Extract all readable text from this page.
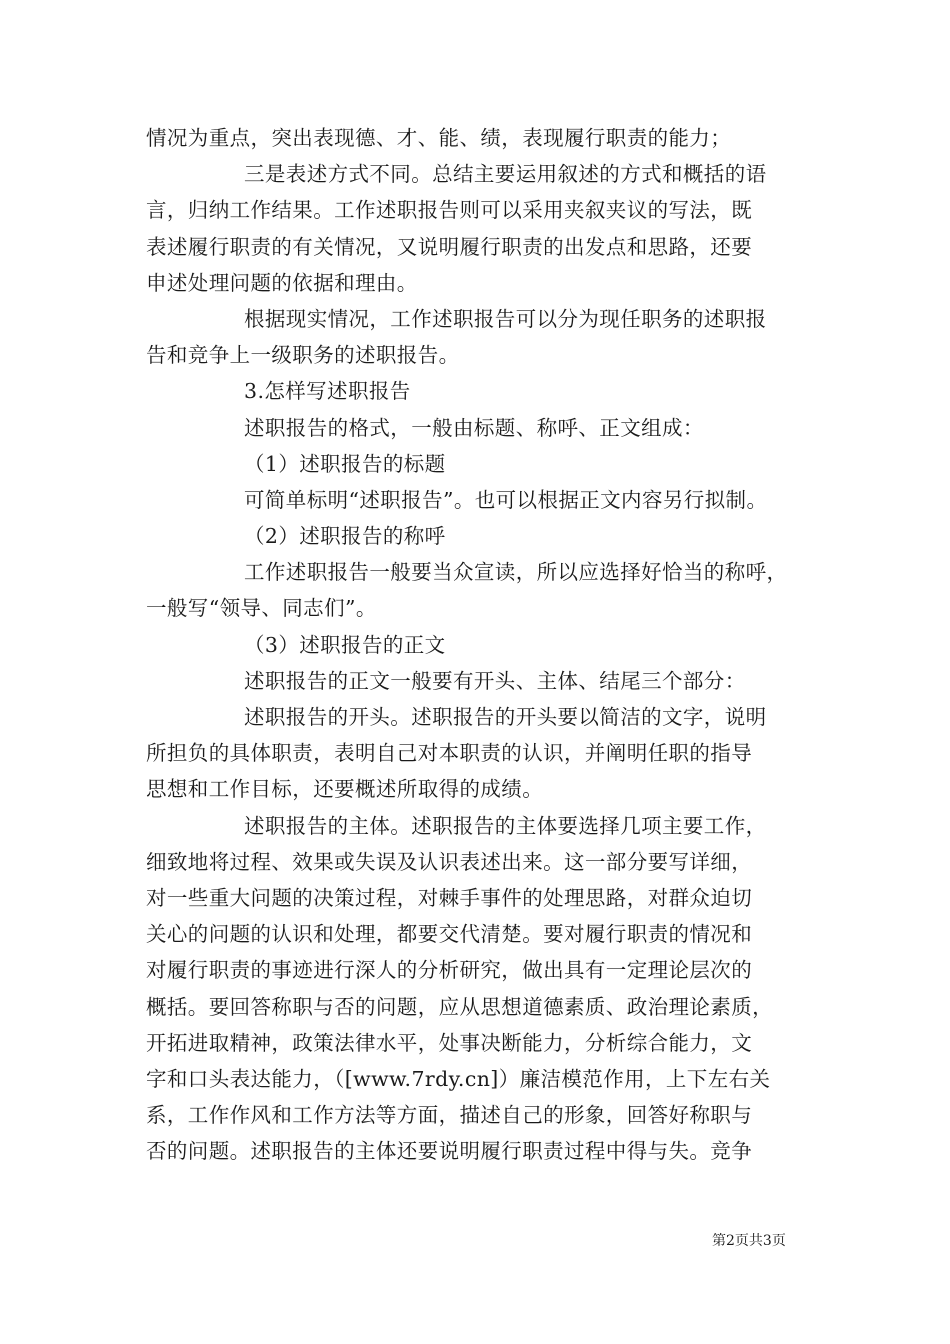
情况为重点，突出表现德、才、能、绩，表现履行职责的能力；
三是表述方式不同。总结主要运用叙述的方式和概括的语
言，归纳工作结果。工作述职报告则可以采用夹叙夹议的写法，既
表述履行职责的有关情况，又说明履行职责的出发点和思路，还要
申述处理问题的依据和理由。
根据现实情况，工作述职报告可以分为现任职务的述职报
告和竞争上一级职务的述职报告。
3.怎样写述职报告
述职报告的格式，一般由标题、称呼、正文组成：
（1）述职报告的标题
可简单标明“述职报告”。也可以根据正文内容另行拟制。
（2）述职报告的称呼
工作述职报告一般要当众宣读，所以应选择好恰当的称呼，
一般写“领导、同志们”。
（3）述职报告的正文
述职报告的正文一般要有开头、主体、结尾三个部分：
述职报告的开头。述职报告的开头要以简洁的文字，说明
所担负的具体职责，表明自己对本职责的认识，并阐明任职的指导
思想和工作目标，还要概述所取得的成绩。
述职报告的主体。述职报告的主体要选择几项主要工作，
细致地将过程、效果或失误及认识表述出来。这一部分要写详细，
对一些重大问题的决策过程，对棘手事件的处理思路，对群众迫切
关心的问题的认识和处理，都要交代清楚。要对履行职责的情况和
对履行职责的事迹进行深人的分析研究，做出具有一定理论层次的
概括。要回答称职与否的问题，应从思想道德素质、政治理论素质，
开拓进取精神，政策法律水平，处事决断能力，分析综合能力，文
字和口头表达能力，（[www.7rdy.cn]）廉洁模范作用，上下左右关
系，工作作风和工作方法等方面，描述自己的形象，回答好称职与
否的问题。述职报告的主体还要说明履行职责过程中得与失。竞争
第2页共3页
